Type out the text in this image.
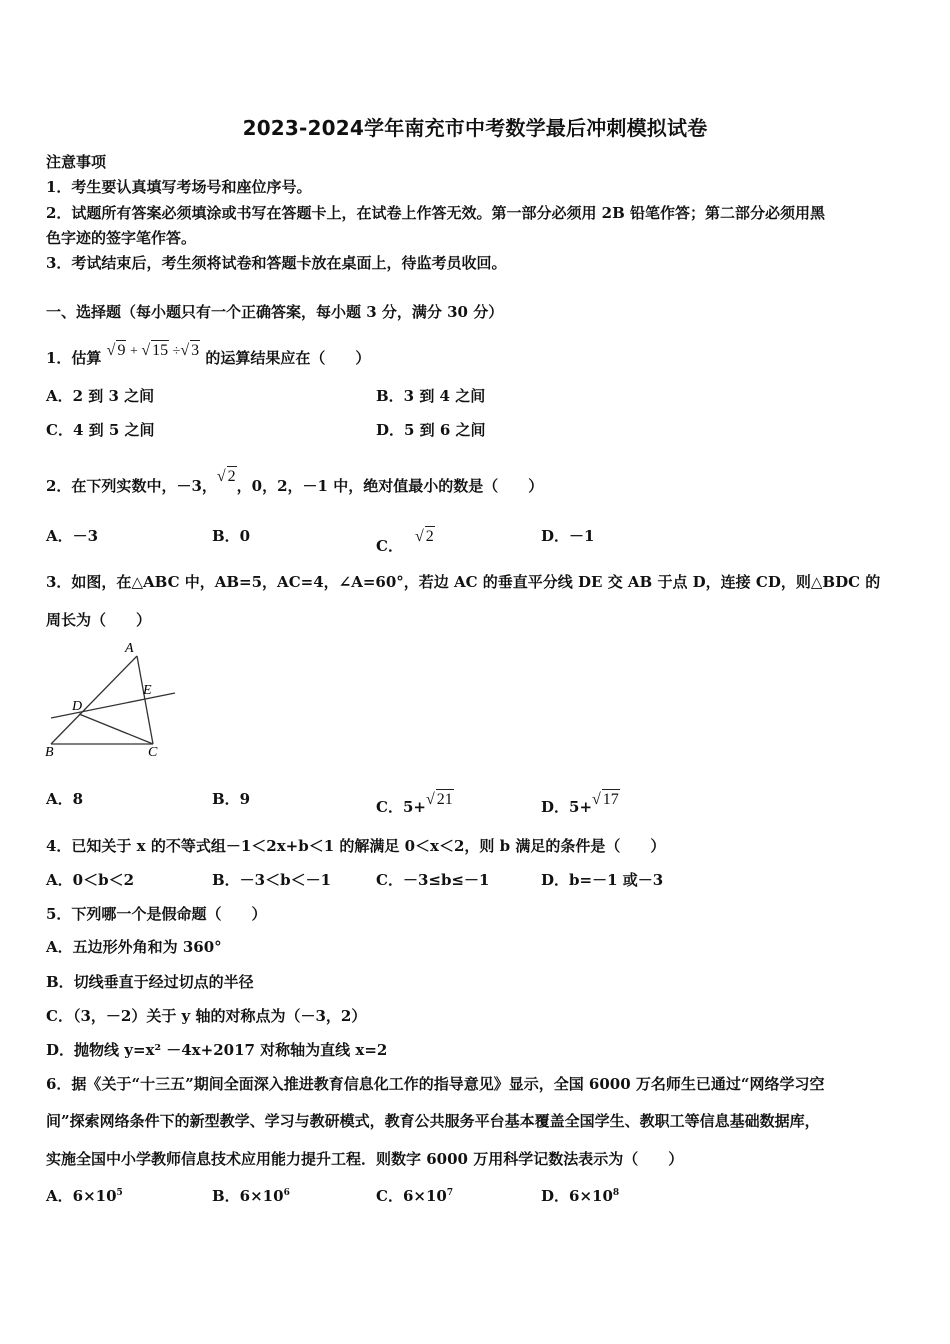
2023-2024学年南充市中考数学最后冲刺模拟试卷
注意事项
1．考生要认真填写考场号和座位序号。
2．试题所有答案必须填涂或书写在答题卡上，在试卷上作答无效。第一部分必须用 2B 铅笔作答；第二部分必须用黑
色字迹的签字笔作答。
3．考试结束后，考生须将试卷和答题卡放在桌面上，待监考员收回。
一、选择题（每小题只有一个正确答案，每小题 3 分，满分 30 分）
1．估算 √ 9 + √ 15 ÷√ 3 的运算结果应在（　　）
A．2 到 3 之间	B．3 到 4 之间
C．4 到 5 之间	D．5 到 6 之间
2．在下列实数中，－3，√ 2，0，2，－1 中，绝对值最小的数是（　　）
A．－3	B．0
C．√ 2	D．－1
3．如图，在△ABC 中，AB=5，AC=4，∠A=60°，若边 AC 的垂直平分线 DE 交 AB 于点 D，连接 CD，则△BDC 的
周长为（　　）
A
B	C
D
E
A．8	B．9	C．5+√ 21	D．5+√ 17
4．已知关于 x 的不等式组－1＜2x+b＜1 的解满足 0＜x＜2，则 b 满足的条件是（　　）
A．0＜b＜2	B．－3＜b＜－1	C．－3≤b≤－1	D．b=－1 或－3
5．下列哪一个是假命题（　　）
A．五边形外角和为 360°
B．切线垂直于经过切点的半径
C．（3，－2）关于 y 轴的对称点为（－3，2）
D．抛物线 y=x² －4x+2017 对称轴为直线 x=2
6．据《关于“十三五”期间全面深入推进教育信息化工作的指导意见》显示，全国 6000 万名师生已通过“网络学习空
间”探索网络条件下的新型教学、学习与教研模式，教育公共服务平台基本覆盖全国学生、教职工等信息基础数据库，
实施全国中小学教师信息技术应用能力提升工程．则数字 6000 万用科学记数法表示为（　　）
A．$6\times 10^5$	B．$6\times 10^6$	C．$6\times 10^7$	D．$6\times 10^8$
